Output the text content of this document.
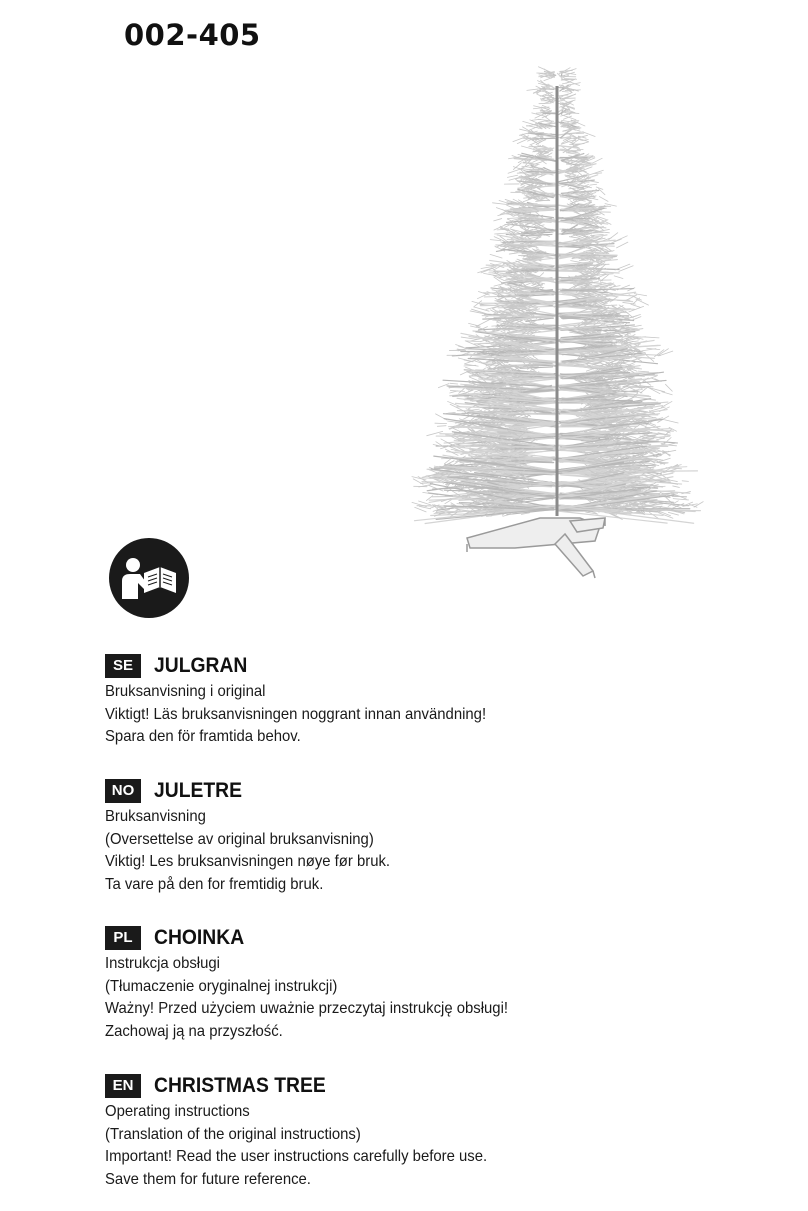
002-405
SE	JULGRAN
Bruksanvisning i original
Viktigt! Läs bruksanvisningen noggrant innan användning!
Spara den för framtida behov.
NO JULETRE
Bruksanvisning
(Oversettelse av original bruksanvisning)
Viktig! Les bruksanvisningen nøye før bruk.
Ta vare på den for fremtidig bruk.
PL	CHOINKA
Instrukcja obsługi
(Tłumaczenie oryginalnej instrukcji)
Ważny! Przed użyciem uważnie przeczytaj instrukcję obsługi!
Zachowaj ją na przyszłość.
EN CHRISTMAS TREE
Operating instructions
(Translation of the original instructions)
Important! Read the user instructions carefully before use.
Save them for future reference.
